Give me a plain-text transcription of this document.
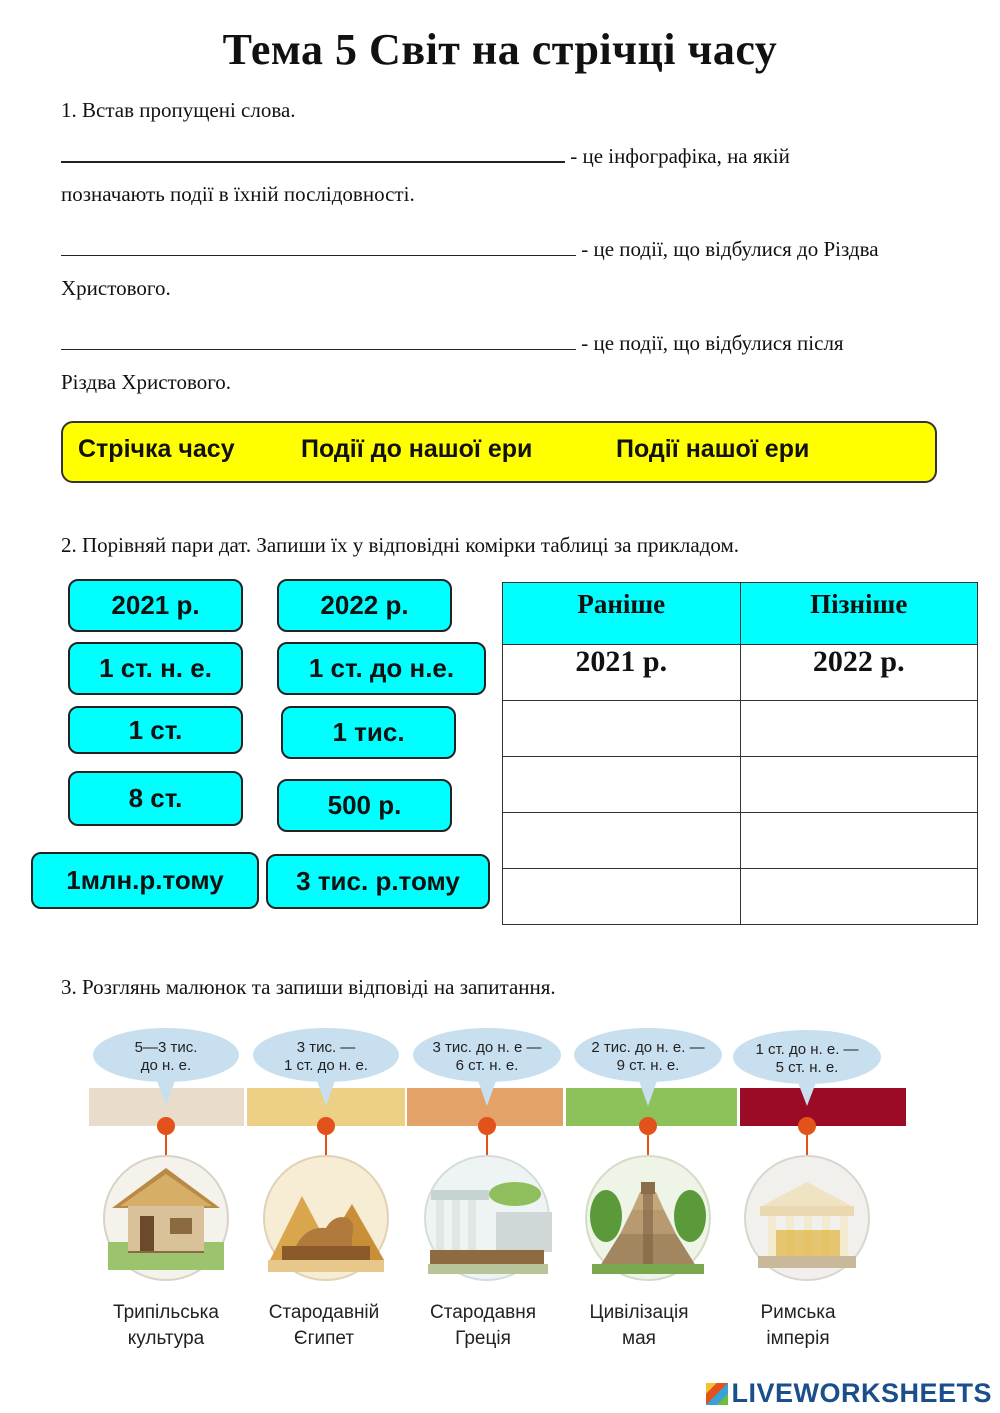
Тема 5 Світ на стрічці часу
1. Встав пропущені слова.
- це інфографіка, на якій
позначають події в їхній послідовності.
- це події, що відбулися до Різдва
Христового.
- це події, що відбулися після
Різдва Христового.
Стрічка часу	Події до нашої ери	Події нашої ери
2. Порівняй пари дат. Запиши їх у відповідні комірки таблиці за прикладом.
2021 р.	2022 р.
1 ст. н. е.	1 ст. до н.е.
1 ст.	1 тис.
8 ст.	500 р.
1млн.р.тому	3 тис. р.тому
Раніше	Пізніше
2021 р.	2022 р.

3. Розглянь малюнок та запиши відповіді на запитання.
5—3 тис.
до н. е.
3 тис. —
1 ст. до н. е.
3 тис. до н. е —
6 ст. н. е.
2 тис. до н. е. —
9 ст. н. е.
1 ст. до н. е. —
5 ст. н. е.
Трипільська
культура
Стародавній
Єгипет
Стародавня
Греція
Цивілізація
мая
Римська
імперія
LIVEWORKSHEETS
